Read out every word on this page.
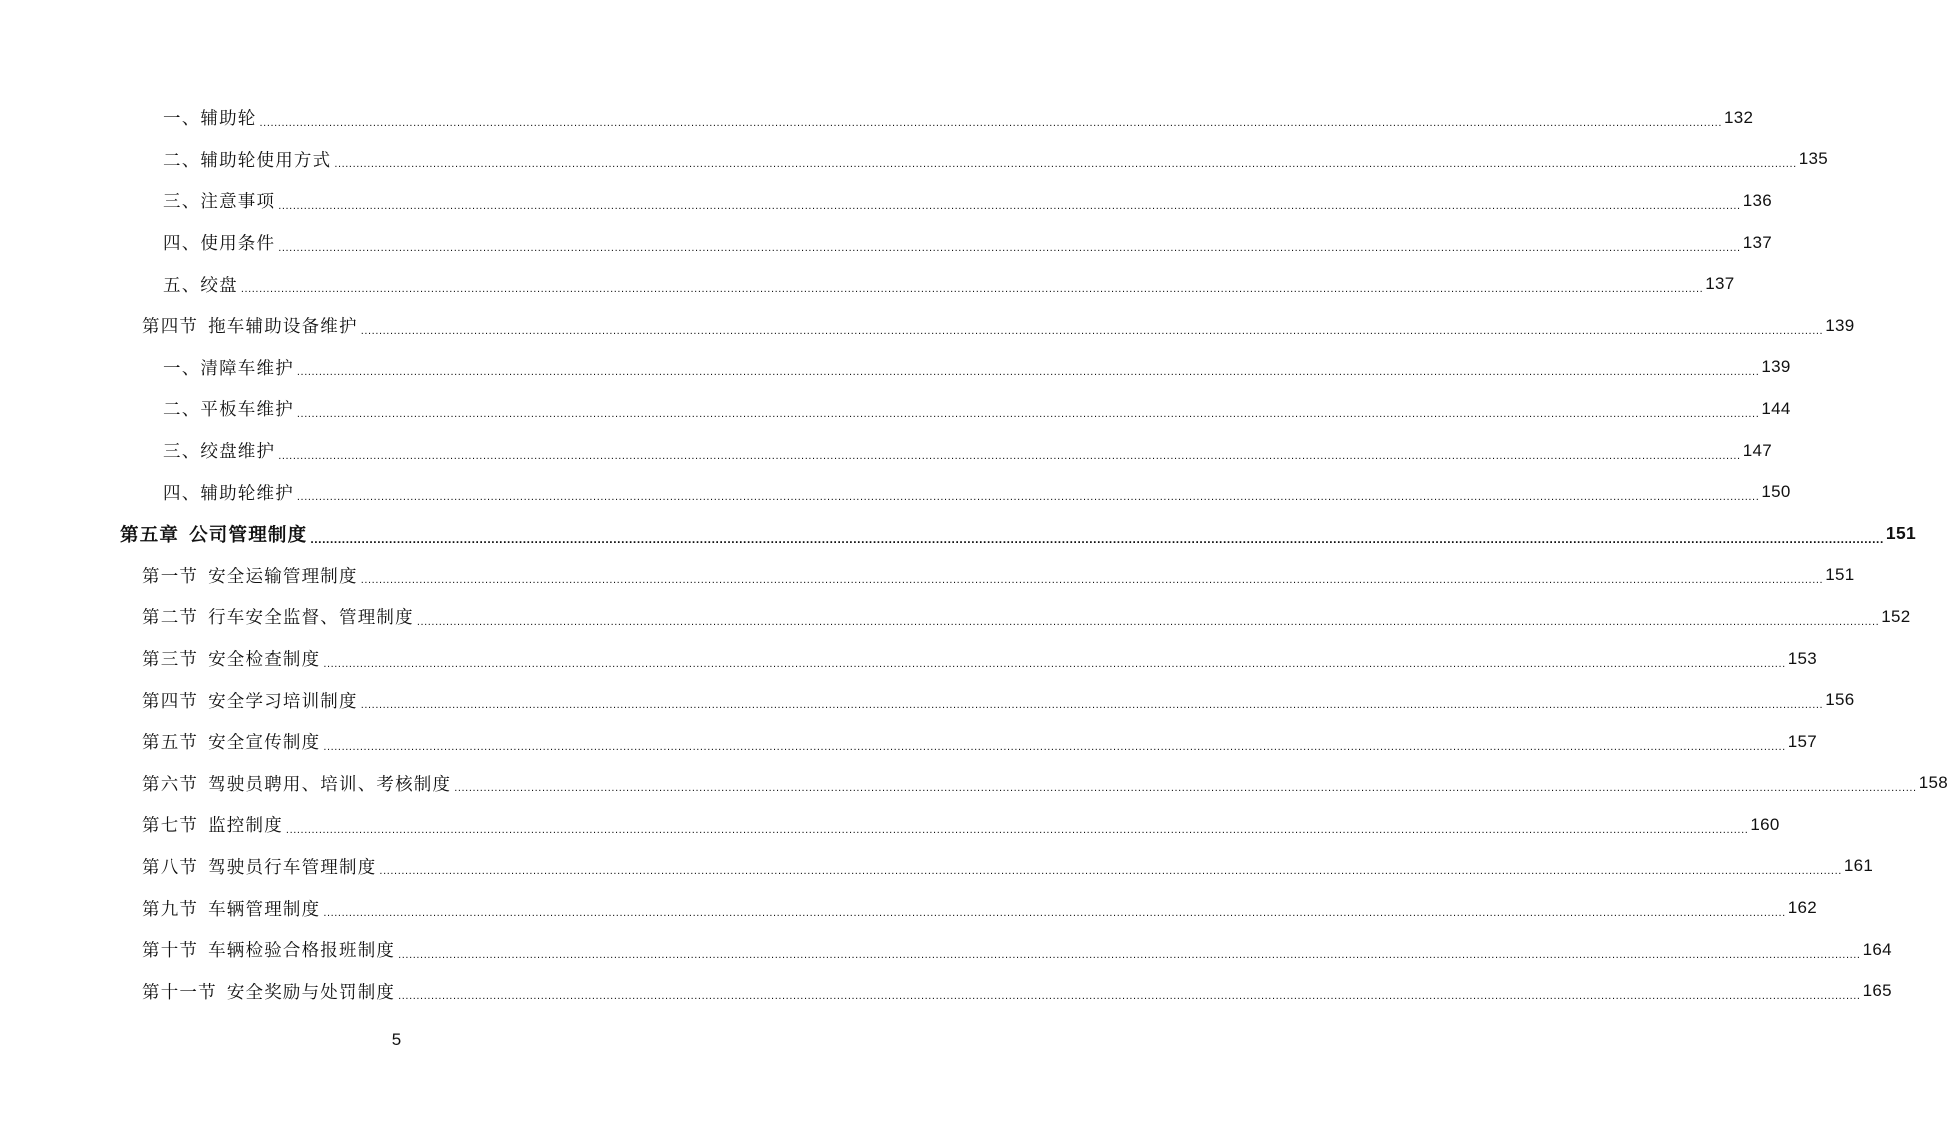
一、辅助轮 ................................................................................................................................................................................................................................................................................................................................................................................................................ 132
二、辅助轮使用方式 ................................................................................................................................................................................................................................................................................................................................................................................................................ 135
三、注意事项 ................................................................................................................................................................................................................................................................................................................................................................................................................ 136
四、使用条件 ................................................................................................................................................................................................................................................................................................................................................................................................................ 137
五、绞盘 ................................................................................................................................................................................................................................................................................................................................................................................................................ 137
第四节 拖车辅助设备维护 ................................................................................................................................................................................................................................................................................................................................................................................................................ 139
一、清障车维护 ................................................................................................................................................................................................................................................................................................................................................................................................................ 139
二、平板车维护 ................................................................................................................................................................................................................................................................................................................................................................................................................ 144
三、绞盘维护 ................................................................................................................................................................................................................................................................................................................................................................................................................ 147
四、辅助轮维护 ................................................................................................................................................................................................................................................................................................................................................................................................................ 150
第五章 公司管理制度 ................................................................................................................................................................................................................................................................................................................................................................................................................ 151
第一节 安全运输管理制度 ................................................................................................................................................................................................................................................................................................................................................................................................................ 151
第二节 行车安全监督、管理制度 ................................................................................................................................................................................................................................................................................................................................................................................................................ 152
第三节 安全检查制度 ................................................................................................................................................................................................................................................................................................................................................................................................................ 153
第四节 安全学习培训制度 ................................................................................................................................................................................................................................................................................................................................................................................................................ 156
第五节 安全宣传制度 ................................................................................................................................................................................................................................................................................................................................................................................................................ 157
第六节 驾驶员聘用、培训、考核制度 ................................................................................................................................................................................................................................................................................................................................................................................................................ 158
第七节 监控制度 ................................................................................................................................................................................................................................................................................................................................................................................................................ 160
第八节 驾驶员行车管理制度 ................................................................................................................................................................................................................................................................................................................................................................................................................ 161
第九节 车辆管理制度 ................................................................................................................................................................................................................................................................................................................................................................................................................ 162
第十节 车辆检验合格报班制度 ................................................................................................................................................................................................................................................................................................................................................................................................................ 164
第十一节 安全奖励与处罚制度 ................................................................................................................................................................................................................................................................................................................................................................................................................ 165
5
